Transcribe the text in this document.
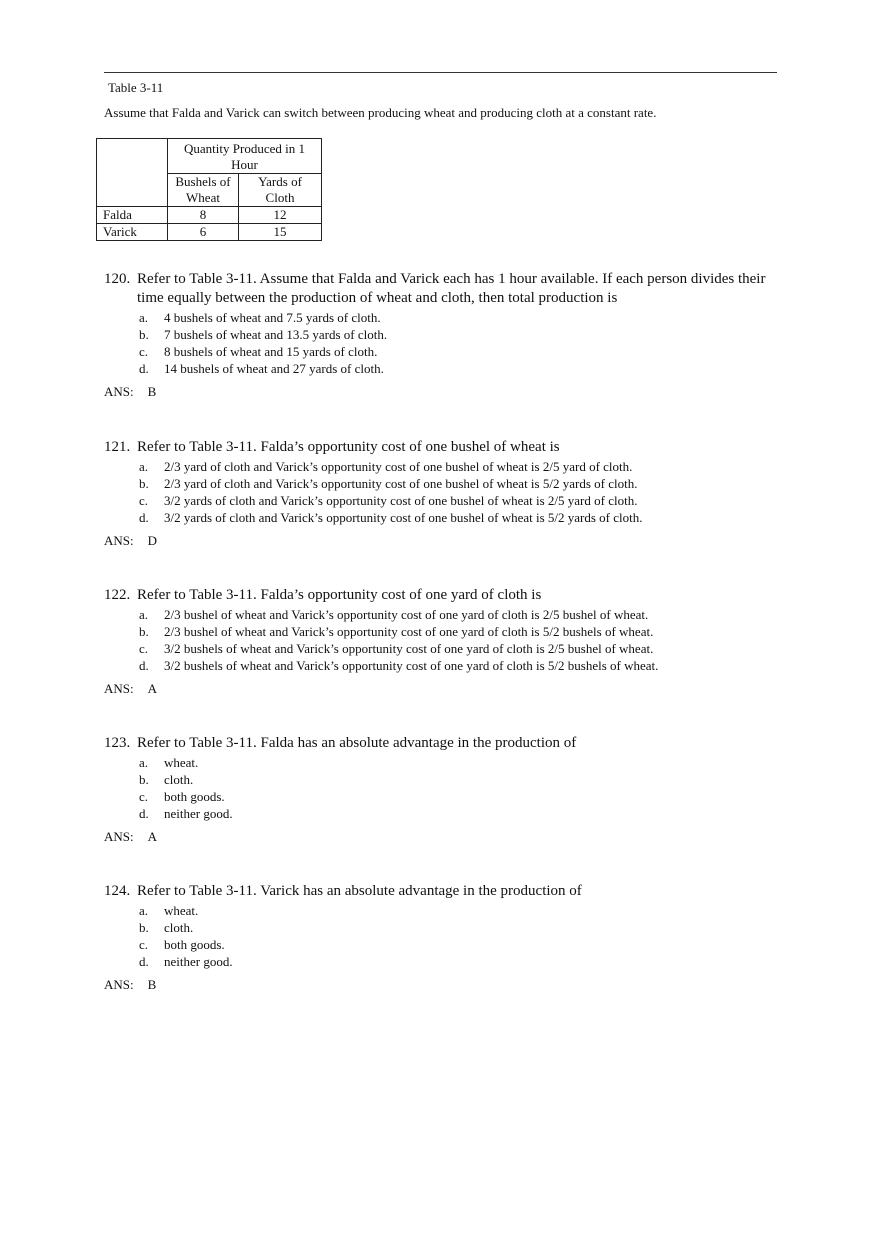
Table 3-11
Assume that Falda and Varick can switch between producing wheat and producing cloth at a constant rate.
	Quantity Produced in 1 Hour	
	Bushels of Wheat	Yards of Cloth
Falda	8	12
Varick	6	15
120. Refer to Table 3-11. Assume that Falda and Varick each has 1 hour available. If each person divides their time equally between the production of wheat and cloth, then total production is
a.	4 bushels of wheat and 7.5 yards of cloth.
b.	7 bushels of wheat and 13.5 yards of cloth.
c.	8 bushels of wheat and 15 yards of cloth.
d.	14 bushels of wheat and 27 yards of cloth.
ANS: B
121. Refer to Table 3-11. Falda’s opportunity cost of one bushel of wheat is
a.	2/3 yard of cloth and Varick’s opportunity cost of one bushel of wheat is 2/5 yard of cloth.
b.	2/3 yard of cloth and Varick’s opportunity cost of one bushel of wheat is 5/2 yards of cloth.
c.	3/2 yards of cloth and Varick’s opportunity cost of one bushel of wheat is 2/5 yard of cloth.
d.	3/2 yards of cloth and Varick’s opportunity cost of one bushel of wheat is 5/2 yards of cloth.
ANS: D
122. Refer to Table 3-11. Falda’s opportunity cost of one yard of cloth is
a.	2/3 bushel of wheat and Varick’s opportunity cost of one yard of cloth is 2/5 bushel of wheat.
b.	2/3 bushel of wheat and Varick’s opportunity cost of one yard of cloth is 5/2 bushels of wheat.
c.	3/2 bushels of wheat and Varick’s opportunity cost of one yard of cloth is 2/5 bushel of wheat.
d.	3/2 bushels of wheat and Varick’s opportunity cost of one yard of cloth is 5/2 bushels of wheat.
ANS: A
123. Refer to Table 3-11. Falda has an absolute advantage in the production of
a.	wheat.
b.	cloth.
c.	both goods.
d.	neither good.
ANS: A
124. Refer to Table 3-11. Varick has an absolute advantage in the production of
a.	wheat.
b.	cloth.
c.	both goods.
d.	neither good.
ANS: B
